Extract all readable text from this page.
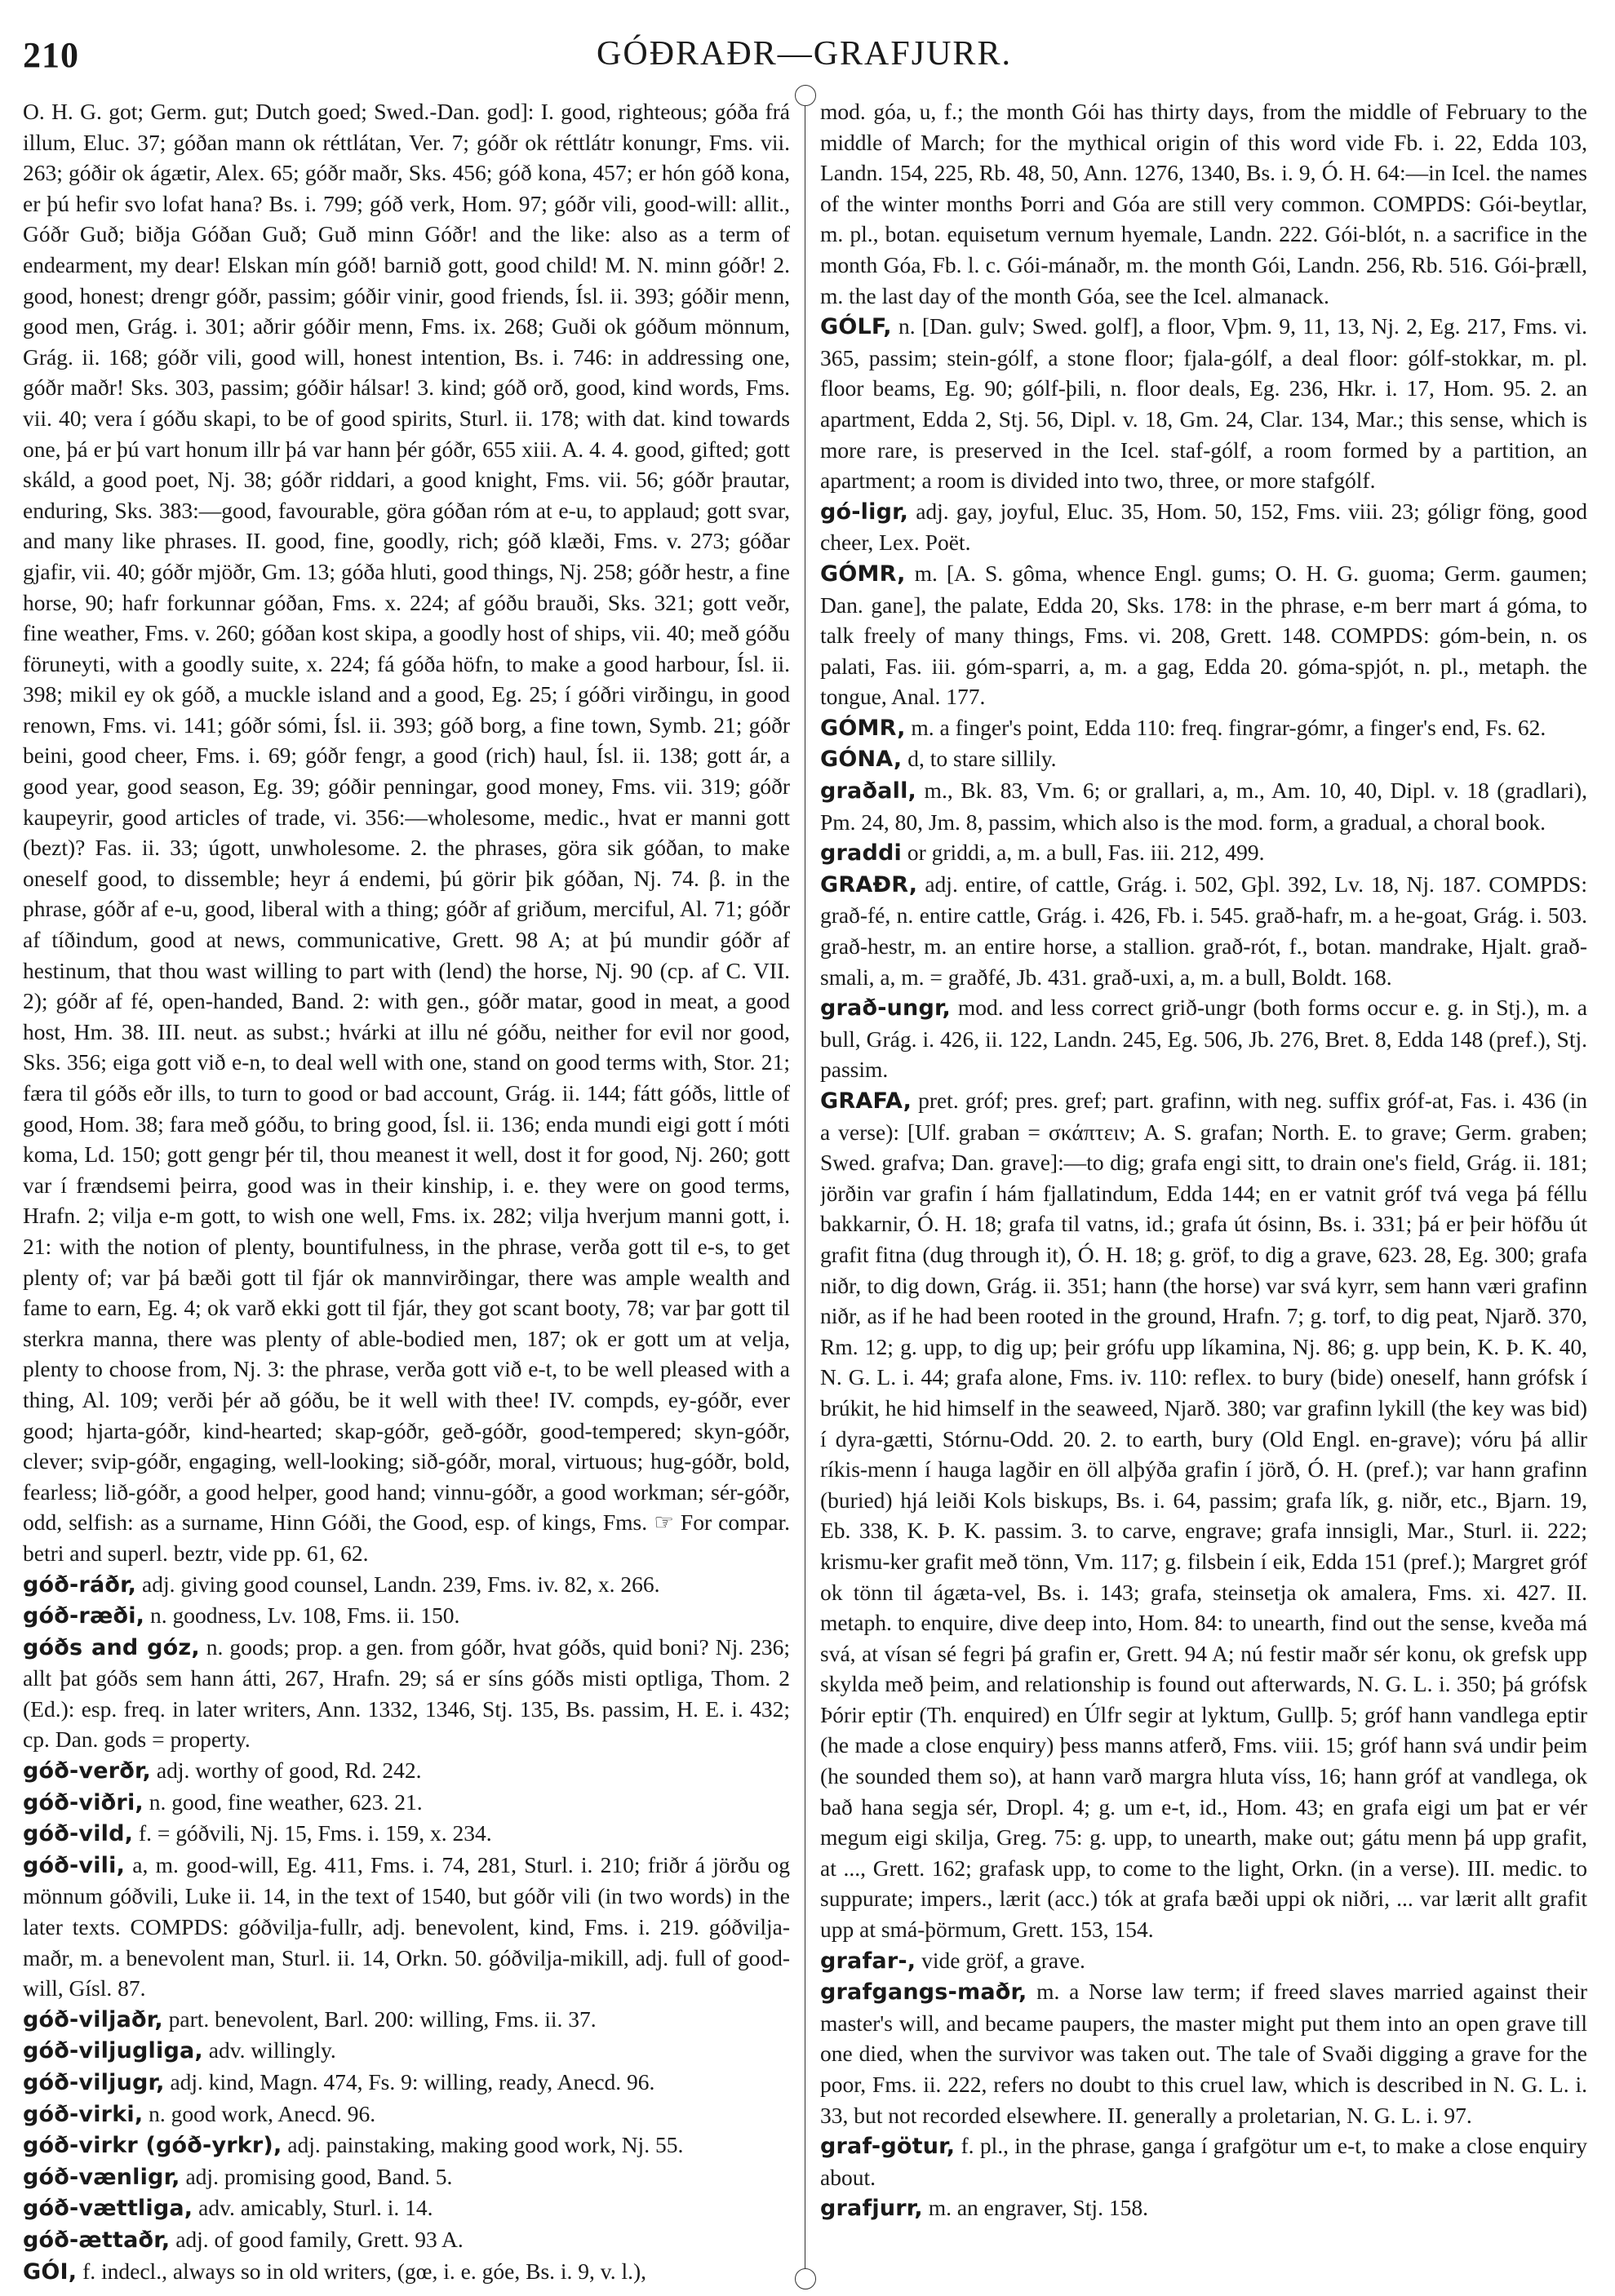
210	GÓÐRAÐR—GRAFJURR.

O. H. G. got; Germ. gut; Dutch goed; Swed.-Dan. god]: I. good, righteous; góða frá illum, Eluc. 37; góðan mann ok réttlátan, Ver. 7; góðr ok réttlátr konungr, Fms. vii. 263; góðir ok ágætir, Alex. 65; góðr maðr, Sks. 456; góð kona, 457; er hón góð kona, er þú hefir svo lofat hana? Bs. i. 799; góð verk, Hom. 97; góðr vili, good-will: allit., Góðr Guð; biðja Góðan Guð; Guð minn Góðr! and the like: also as a term of endearment, my dear! Elskan mín góð! barnið gott, good child! M. N. minn góðr! 2. good, honest; drengr góðr, passim; góðir vinir, good friends, Ísl. ii. 393; góðir menn, good men, Grág. i. 301; aðrir góðir menn, Fms. ix. 268; Guði ok góðum mönnum, Grág. ii. 168; góðr vili, good will, honest intention, Bs. i. 746: in addressing one, góðr maðr! Sks. 303, passim; góðir hálsar! 3. kind; góð orð, good, kind words, Fms. vii. 40; vera í góðu skapi, to be of good spirits, Sturl. ii. 178; with dat. kind towards one, þá er þú vart honum illr þá var hann þér góðr, 655 xiii. A. 4. 4. good, gifted; gott skáld, a good poet, Nj. 38; góðr riddari, a good knight, Fms. vii. 56; góðr þrautar, enduring, Sks. 383:—good, favourable, göra góðan róm at e-u, to applaud; gott svar, and many like phrases. II. good, fine, goodly, rich; góð klæði, Fms. v. 273; góðar gjafir, vii. 40; góðr mjöðr, Gm. 13; góða hluti, good things, Nj. 258; góðr hestr, a fine horse, 90; hafr forkunnar góðan, Fms. x. 224; af góðu brauði, Sks. 321; gott veðr, fine weather, Fms. v. 260; góðan kost skipa, a goodly host of ships, vii. 40; með góðu föruneyti, with a goodly suite, x. 224; fá góða höfn, to make a good harbour, Ísl. ii. 398; mikil ey ok góð, a muckle island and a good, Eg. 25; í góðri virðingu, in good renown, Fms. vi. 141; góðr sómi, Ísl. ii. 393; góð borg, a fine town, Symb. 21; góðr beini, good cheer, Fms. i. 69; góðr fengr, a good (rich) haul, Ísl. ii. 138; gott ár, a good year, good season, Eg. 39; góðir penningar, good money, Fms. vii. 319; góðr kaupeyrir, good articles of trade, vi. 356:—wholesome, medic., hvat er manni gott (bezt)? Fas. ii. 33; úgott, unwholesome. 2. the phrases, göra sik góðan, to make oneself good, to dissemble; heyr á endemi, þú görir þik góðan, Nj. 74. β. in the phrase, góðr af e-u, good, liberal with a thing; góðr af griðum, merciful, Al. 71; góðr af tíðindum, good at news, communicative, Grett. 98 A; at þú mundir góðr af hestinum, that thou wast willing to part with (lend) the horse, Nj. 90 (cp. af C. VII. 2); góðr af fé, open-handed, Band. 2: with gen., góðr matar, good in meat, a good host, Hm. 38. III. neut. as subst.; hvárki at illu né góðu, neither for evil nor good, Sks. 356; eiga gott við e-n, to deal well with one, stand on good terms with, Stor. 21; færa til góðs eðr ills, to turn to good or bad account, Grág. ii. 144; fátt góðs, little of good, Hom. 38; fara með góðu, to bring good, Ísl. ii. 136; enda mundi eigi gott í móti koma, Ld. 150; gott gengr þér til, thou meanest it well, dost it for good, Nj. 260; gott var í frændsemi þeirra, good was in their kinship, i. e. they were on good terms, Hrafn. 2; vilja e-m gott, to wish one well, Fms. ix. 282; vilja hverjum manni gott, i. 21: with the notion of plenty, bountifulness, in the phrase, verða gott til e-s, to get plenty of; var þá bæði gott til fjár ok mannvirðingar, there was ample wealth and fame to earn, Eg. 4; ok varð ekki gott til fjár, they got scant booty, 78; var þar gott til sterkra manna, there was plenty of able-bodied men, 187; ok er gott um at velja, plenty to choose from, Nj. 3: the phrase, verða gott við e-t, to be well pleased with a thing, Al. 109; verði þér að góðu, be it well with thee! IV. compds, ey-góðr, ever good; hjarta-góðr, kind-hearted; skap-góðr, geð-góðr, good-tempered; skyn-góðr, clever; svip-góðr, engaging, well-looking; sið-góðr, moral, virtuous; hug-góðr, bold, fearless; lið-góðr, a good helper, good hand; vinnu-góðr, a good workman; sér-góðr, odd, selfish: as a surname, Hinn Góði, the Good, esp. of kings, Fms. ☞ For compar. betri and superl. beztr, vide pp. 61, 62.

góð-ráðr, adj. giving good counsel, Landn. 239, Fms. iv. 82, x. 266.

góð-ræði, n. goodness, Lv. 108, Fms. ii. 150.

góðs and góz, n. goods; prop. a gen. from góðr, hvat góðs, quid boni? Nj. 236; allt þat góðs sem hann átti, 267, Hrafn. 29; sá er síns góðs misti optliga, Thom. 2 (Ed.): esp. freq. in later writers, Ann. 1332, 1346, Stj. 135, Bs. passim, H. E. i. 432; cp. Dan. gods = property.

góð-verðr, adj. worthy of good, Rd. 242.

góð-viðri, n. good, fine weather, 623. 21.

góð-vild, f. = góðvili, Nj. 15, Fms. i. 159, x. 234.

góð-vili, a, m. good-will, Eg. 411, Fms. i. 74, 281, Sturl. i. 210; friðr á jörðu og mönnum góðvili, Luke ii. 14, in the text of 1540, but góðr vili (in two words) in the later texts. COMPDS: góðvilja-fullr, adj. benevolent, kind, Fms. i. 219. góðvilja-maðr, m. a benevolent man, Sturl. ii. 14, Orkn. 50. góðvilja-mikill, adj. full of good-will, Gísl. 87.

góð-viljaðr, part. benevolent, Barl. 200: willing, Fms. ii. 37.

góð-viljugliga, adv. willingly.

góð-viljugr, adj. kind, Magn. 474, Fs. 9: willing, ready, Anecd. 96.

góð-virki, n. good work, Anecd. 96.

góð-virkr (góð-yrkr), adj. painstaking, making good work, Nj. 55.

góð-vænligr, adj. promising good, Band. 5.

góð-vættliga, adv. amicably, Sturl. i. 14.

góð-ættaðr, adj. of good family, Grett. 93 A.

GÓI, f. indecl., always so in old writers, (gœ, i. e. góe, Bs. i. 9, v. l.),

mod. góa, u, f.; the month Gói has thirty days, from the middle of February to the middle of March; for the mythical origin of this word vide Fb. i. 22, Edda 103, Landn. 154, 225, Rb. 48, 50, Ann. 1276, 1340, Bs. i. 9, Ó. H. 64:—in Icel. the names of the winter months Þorri and Góa are still very common. COMPDS: Gói-beytlar, m. pl., botan. equisetum vernum hyemale, Landn. 222. Gói-blót, n. a sacrifice in the month Góa, Fb. l. c. Gói-mánaðr, m. the month Gói, Landn. 256, Rb. 516. Gói-þræll, m. the last day of the month Góa, see the Icel. almanack.

GÓLF, n. [Dan. gulv; Swed. golf], a floor, Vþm. 9, 11, 13, Nj. 2, Eg. 217, Fms. vi. 365, passim; stein-gólf, a stone floor; fjala-gólf, a deal floor: gólf-stokkar, m. pl. floor beams, Eg. 90; gólf-þili, n. floor deals, Eg. 236, Hkr. i. 17, Hom. 95. 2. an apartment, Edda 2, Stj. 56, Dipl. v. 18, Gm. 24, Clar. 134, Mar.; this sense, which is more rare, is preserved in the Icel. staf-gólf, a room formed by a partition, an apartment; a room is divided into two, three, or more stafgólf.

gó-ligr, adj. gay, joyful, Eluc. 35, Hom. 50, 152, Fms. viii. 23; góligr föng, good cheer, Lex. Poët.

GÓMR, m. [A. S. gôma, whence Engl. gums; O. H. G. guoma; Germ. gaumen; Dan. gane], the palate, Edda 20, Sks. 178: in the phrase, e-m berr mart á góma, to talk freely of many things, Fms. vi. 208, Grett. 148. COMPDS: góm-bein, n. os palati, Fas. iii. góm-sparri, a, m. a gag, Edda 20. góma-spjót, n. pl., metaph. the tongue, Anal. 177.

GÓMR, m. a finger's point, Edda 110: freq. fingrar-gómr, a finger's end, Fs. 62.

GÓNA, d, to stare sillily.

graðall, m., Bk. 83, Vm. 6; or grallari, a, m., Am. 10, 40, Dipl. v. 18 (gradlari), Pm. 24, 80, Jm. 8, passim, which also is the mod. form, a gradual, a choral book.

graddi or griddi, a, m. a bull, Fas. iii. 212, 499.

GRAÐR, adj. entire, of cattle, Grág. i. 502, Gþl. 392, Lv. 18, Nj. 187. COMPDS: grað-fé, n. entire cattle, Grág. i. 426, Fb. i. 545. grað-hafr, m. a he-goat, Grág. i. 503. grað-hestr, m. an entire horse, a stallion. grað-rót, f., botan. mandrake, Hjalt. grað-smali, a, m. = graðfé, Jb. 431. grað-uxi, a, m. a bull, Boldt. 168.

grað-ungr, mod. and less correct grið-ungr (both forms occur e. g. in Stj.), m. a bull, Grág. i. 426, ii. 122, Landn. 245, Eg. 506, Jb. 276, Bret. 8, Edda 148 (pref.), Stj. passim.

GRAFA, pret. gróf; pres. gref; part. grafinn, with neg. suffix gróf-at, Fas. i. 436 (in a verse): [Ulf. graban = σκάπτειν; A. S. grafan; North. E. to grave; Germ. graben; Swed. grafva; Dan. grave]:—to dig; grafa engi sitt, to drain one's field, Grág. ii. 181; jörðin var grafin í hám fjallatindum, Edda 144; en er vatnit gróf tvá vega þá féllu bakkarnir, Ó. H. 18; grafa til vatns, id.; grafa út ósinn, Bs. i. 331; þá er þeir höfðu út grafit fitna (dug through it), Ó. H. 18; g. gröf, to dig a grave, 623. 28, Eg. 300; grafa niðr, to dig down, Grág. ii. 351; hann (the horse) var svá kyrr, sem hann væri grafinn niðr, as if he had been rooted in the ground, Hrafn. 7; g. torf, to dig peat, Njarð. 370, Rm. 12; g. upp, to dig up; þeir grófu upp líkamina, Nj. 86; g. upp bein, K. Þ. K. 40, N. G. L. i. 44; grafa alone, Fms. iv. 110: reflex. to bury (bide) oneself, hann grófsk í brúkit, he hid himself in the seaweed, Njarð. 380; var grafinn lykill (the key was bid) í dyra-gætti, Stórnu-Odd. 20. 2. to earth, bury (Old Engl. en-grave); vóru þá allir ríkis-menn í hauga lagðir en öll alþýða grafin í jörð, Ó. H. (pref.); var hann grafinn (buried) hjá leiði Kols biskups, Bs. i. 64, passim; grafa lík, g. niðr, etc., Bjarn. 19, Eb. 338, K. Þ. K. passim. 3. to carve, engrave; grafa innsigli, Mar., Sturl. ii. 222; krismu-ker grafit með tönn, Vm. 117; g. filsbein í eik, Edda 151 (pref.); Margret gróf ok tönn til ágæta-vel, Bs. i. 143; grafa, steinsetja ok amalera, Fms. xi. 427. II. metaph. to enquire, dive deep into, Hom. 84: to unearth, find out the sense, kveða má svá, at vísan sé fegri þá grafin er, Grett. 94 A; nú festir maðr sér konu, ok grefsk upp skylda með þeim, and relationship is found out afterwards, N. G. L. i. 350; þá grófsk Þórir eptir (Th. enquired) en Úlfr segir at lyktum, Gullþ. 5; gróf hann vandlega eptir (he made a close enquiry) þess manns atferð, Fms. viii. 15; gróf hann svá undir þeim (he sounded them so), at hann varð margra hluta víss, 16; hann gróf at vandlega, ok bað hana segja sér, Dropl. 4; g. um e-t, id., Hom. 43; en grafa eigi um þat er vér megum eigi skilja, Greg. 75: g. upp, to unearth, make out; gátu menn þá upp grafit, at ..., Grett. 162; grafask upp, to come to the light, Orkn. (in a verse). III. medic. to suppurate; impers., lærit (acc.) tók at grafa bæði uppi ok niðri, ... var lærit allt grafit upp at smá-þörmum, Grett. 153, 154.

grafar-, vide gröf, a grave.

grafgangs-maðr, m. a Norse law term; if freed slaves married against their master's will, and became paupers, the master might put them into an open grave till one died, when the survivor was taken out. The tale of Svaði digging a grave for the poor, Fms. ii. 222, refers no doubt to this cruel law, which is described in N. G. L. i. 33, but not recorded elsewhere. II. generally a proletarian, N. G. L. i. 97.

graf-götur, f. pl., in the phrase, ganga í grafgötur um e-t, to make a close enquiry about.

grafjurr, m. an engraver, Stj. 158.
